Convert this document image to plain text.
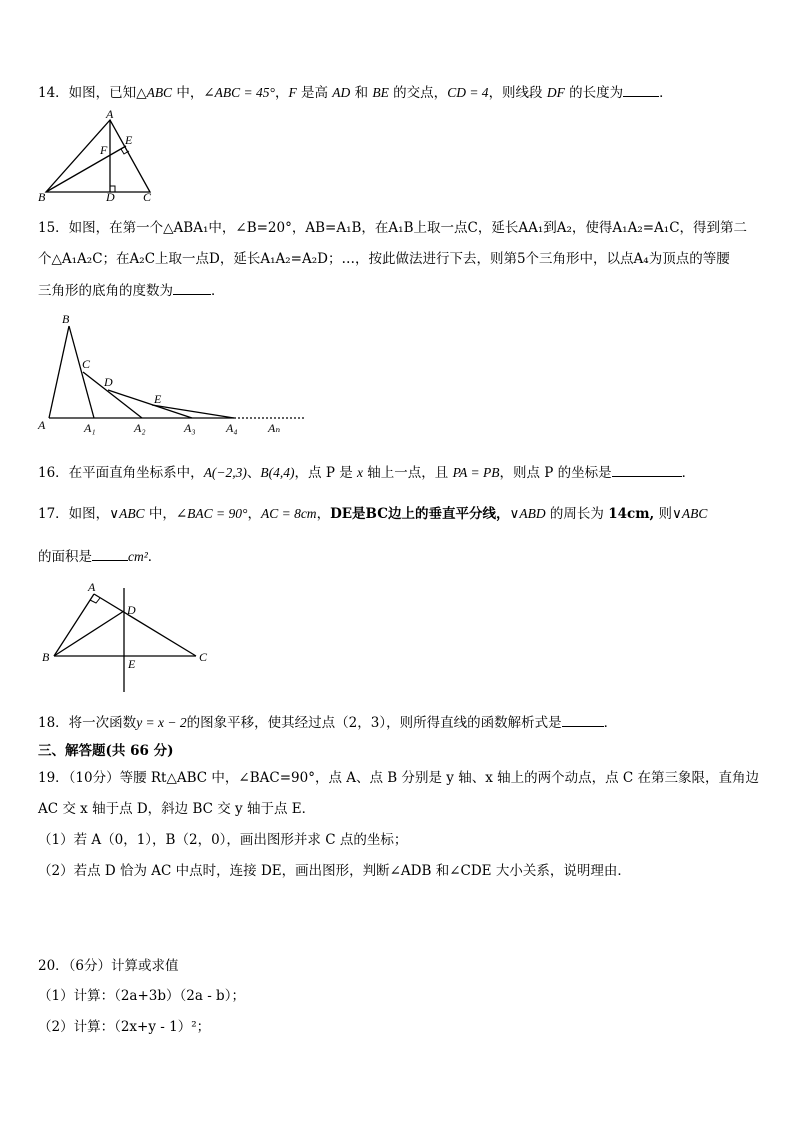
14．如图，已知△ABC 中，∠ABC = 45°，F 是高 AD 和 BE 的交点，CD = 4，则线段 DF 的长度为	．
A
B	C
D
E
F
15．如图，在第一个△ABA₁中，∠B=20°，AB=A₁B，在A₁B上取一点C，延长AA₁到A₂，使得A₁A₂=A₁C，得到第二
个△A₁A₂C；在A₂C上取一点D，延长A₁A₂=A₂D；…，按此做法进行下去，则第5个三角形中，以点A₄为顶点的等腰
三角形的底角的度数为	．
B
C
D
E
A	A₁	A₂	A₃	A₄	Aₙ
16．在平面直角坐标系中，A(−2,3)、B(4,4)，点 P 是 x 轴上一点，且 PA = PB，则点 P 的坐标是	．
17．如图，∨ABC 中，∠BAC = 90°，AC = 8cm，DE是BC边上的垂直平分线，∨ABD 的周长为 14cm, 则∨ABC
的面积是	cm²．
A
B	C
D
E
18．将一次函数y = x − 2的图象平移，使其经过点（2，3），则所得直线的函数解析式是	．
三、解答题(共 66 分)
19．（10分）等腰 Rt△ABC 中，∠BAC=90°，点 A、点 B 分别是 y 轴、x 轴上的两个动点，点 C 在第三象限，直角边
AC 交 x 轴于点 D，斜边 BC 交 y 轴于点 E．
（1）若 A（0，1），B（2，0），画出图形并求 C 点的坐标；
（2）若点 D 恰为 AC 中点时，连接 DE，画出图形，判断∠ADB 和∠CDE 大小关系，说明理由．
20．（6分）计算或求值
（1）计算：（2a+3b）（2a - b）；
（2）计算：（2x+y - 1）²；
